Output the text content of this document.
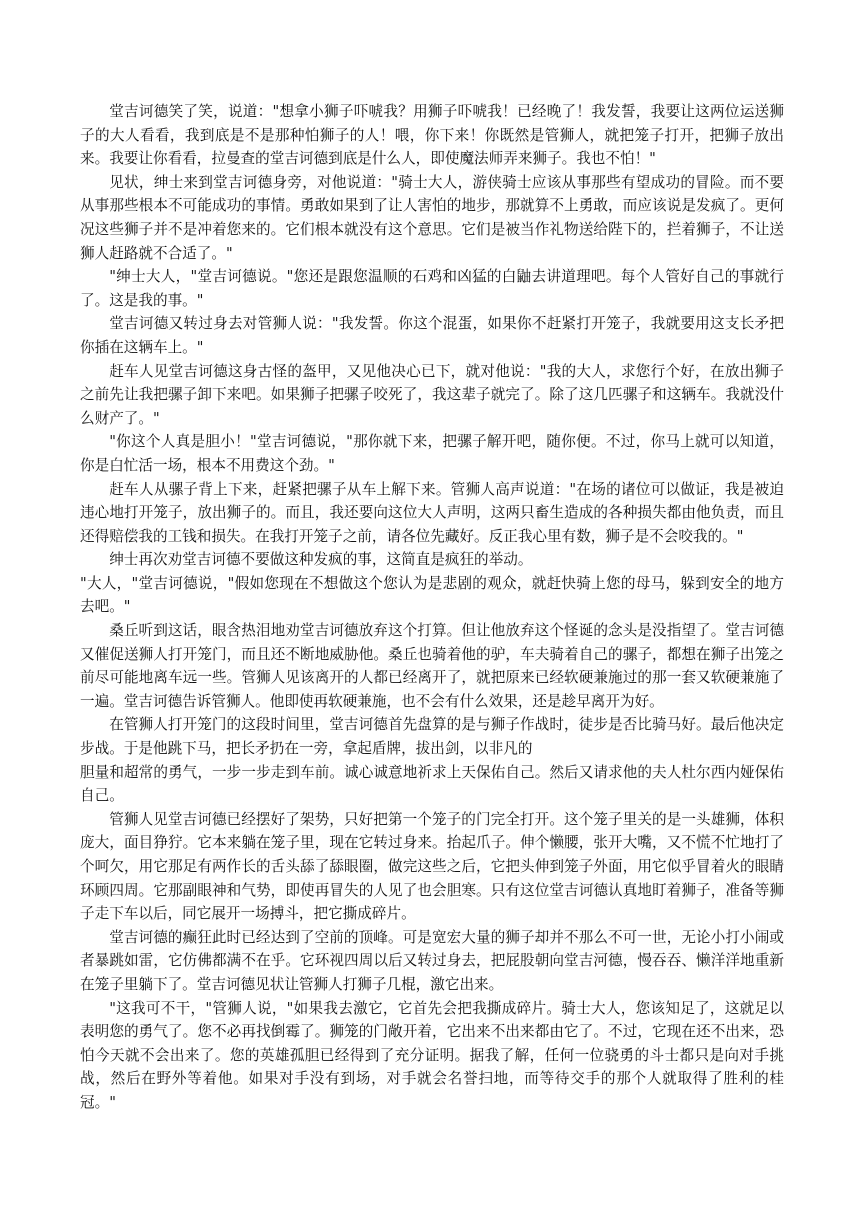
堂吉诃德笑了笑，说道："想拿小狮子吓唬我？用狮子吓唬我！已经晚了！我发誓，我要让这两位运送狮子的大人看看，我到底是不是那种怕狮子的人！喂，你下来！你既然是管狮人，就把笼子打开，把狮子放出来。我要让你看看，拉曼查的堂吉诃德到底是什么人，即使魔法师弄来狮子。我也不怕！"

见状，绅士来到堂吉诃德身旁，对他说道："骑士大人，游侠骑士应该从事那些有望成功的冒险。而不要从事那些根本不可能成功的事情。勇敢如果到了让人害怕的地步，那就算不上勇敢，而应该说是发疯了。更何况这些狮子并不是冲着您来的。它们根本就没有这个意思。它们是被当作礼物送给陛下的，拦着狮子，不让送狮人赶路就不合适了。"

"绅士大人，"堂吉诃德说。"您还是跟您温顺的石鸡和凶猛的白鼬去讲道理吧。每个人管好自己的事就行了。这是我的事。"

堂吉诃德又转过身去对管狮人说："我发誓。你这个混蛋，如果你不赶紧打开笼子，我就要用这支长矛把你插在这辆车上。"

赶车人见堂吉诃德这身古怪的盔甲，又见他决心已下，就对他说："我的大人，求您行个好，在放出狮子之前先让我把骡子卸下来吧。如果狮子把骡子咬死了，我这辈子就完了。除了这几匹骡子和这辆车。我就没什么财产了。"

"你这个人真是胆小！"堂吉诃德说，"那你就下来，把骡子解开吧，随你便。不过，你马上就可以知道，你是白忙活一场，根本不用费这个劲。"

赶车人从骡子背上下来，赶紧把骡子从车上解下来。管狮人高声说道："在场的诸位可以做证，我是被迫违心地打开笼子，放出狮子的。而且，我还要向这位大人声明，这两只畜生造成的各种损失都由他负责，而且还得赔偿我的工钱和损失。在我打开笼子之前，请各位先藏好。反正我心里有数，狮子是不会咬我的。"

绅士再次劝堂吉诃德不要做这种发疯的事，这简直是疯狂的举动。

"大人，"堂吉诃德说，"假如您现在不想做这个您认为是悲剧的观众，就赶快骑上您的母马，躲到安全的地方去吧。"

桑丘听到这话，眼含热泪地劝堂吉诃德放弃这个打算。但让他放弃这个怪诞的念头是没指望了。堂吉诃德又催促送狮人打开笼门，而且还不断地威胁他。桑丘也骑着他的驴，车夫骑着自己的骡子，都想在狮子出笼之前尽可能地离车远一些。管狮人见该离开的人都已经离开了，就把原来已经软硬兼施过的那一套又软硬兼施了一遍。堂吉诃德告诉管狮人。他即使再软硬兼施，也不会有什么效果，还是趁早离开为好。

在管狮人打开笼门的这段时间里，堂吉诃德首先盘算的是与狮子作战时，徒步是否比骑马好。最后他决定步战。于是他跳下马，把长矛扔在一旁，拿起盾牌，拔出剑，以非凡的

胆量和超常的勇气，一步一步走到车前。诚心诚意地祈求上天保佑自己。然后又请求他的夫人杜尔西内娅保佑自己。

管狮人见堂吉诃德已经摆好了架势，只好把第一个笼子的门完全打开。这个笼子里关的是一头雄狮，体积庞大，面目狰狞。它本来躺在笼子里，现在它转过身来。抬起爪子。伸个懒腰，张开大嘴，又不慌不忙地打了个呵欠，用它那足有两作长的舌头舔了舔眼圈，做完这些之后，它把头伸到笼子外面，用它似乎冒着火的眼睛环顾四周。它那副眼神和气势，即使再冒失的人见了也会胆寒。只有这位堂吉诃德认真地盯着狮子，准备等狮子走下车以后，同它展开一场搏斗，把它撕成碎片。

堂吉诃德的癫狂此时已经达到了空前的顶峰。可是宽宏大量的狮子却并不那么不可一世，无论小打小闹或者暴跳如雷，它仿佛都满不在乎。它环视四周以后又转过身去，把屁股朝向堂吉河德，慢吞吞、懒洋洋地重新在笼子里躺下了。堂吉诃德见状让管狮人打狮子几棍，激它出来。

"这我可不干，"管狮人说，"如果我去激它，它首先会把我撕成碎片。骑士大人，您该知足了，这就足以表明您的勇气了。您不必再找倒霉了。狮笼的门敞开着，它出来不出来都由它了。不过，它现在还不出来，恐怕今天就不会出来了。您的英雄孤胆已经得到了充分证明。据我了解，任何一位骁勇的斗士都只是向对手挑战，然后在野外等着他。如果对手没有到场，对手就会名誉扫地，而等待交手的那个人就取得了胜利的桂冠。"
